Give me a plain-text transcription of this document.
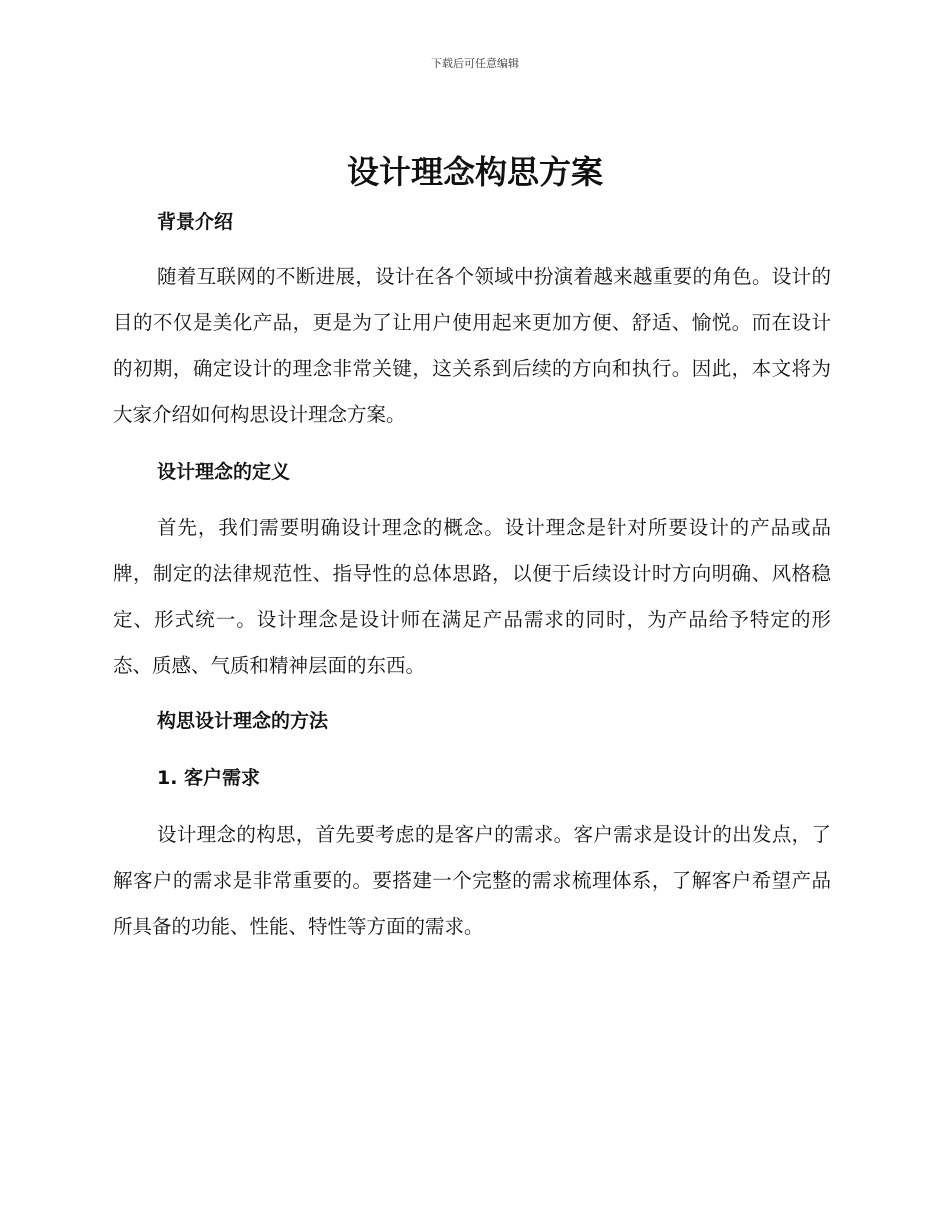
下载后可任意编辑
设计理念构思方案
背景介绍

随着互联网的不断进展，设计在各个领域中扮演着越来越重要的角色。设计的目的不仅是美化产品，更是为了让用户使用起来更加方便、舒适、愉悦。而在设计的初期，确定设计的理念非常关键，这关系到后续的方向和执行。因此，本文将为大家介绍如何构思设计理念方案。

设计理念的定义

首先，我们需要明确设计理念的概念。设计理念是针对所要设计的产品或品牌，制定的法律规范性、指导性的总体思路，以便于后续设计时方向明确、风格稳定、形式统一。设计理念是设计师在满足产品需求的同时，为产品给予特定的形态、质感、气质和精神层面的东西。

构思设计理念的方法
1. 客户需求

设计理念的构思，首先要考虑的是客户的需求。客户需求是设计的出发点，了解客户的需求是非常重要的。要搭建一个完整的需求梳理体系，了解客户希望产品所具备的功能、性能、特性等方面的需求。
